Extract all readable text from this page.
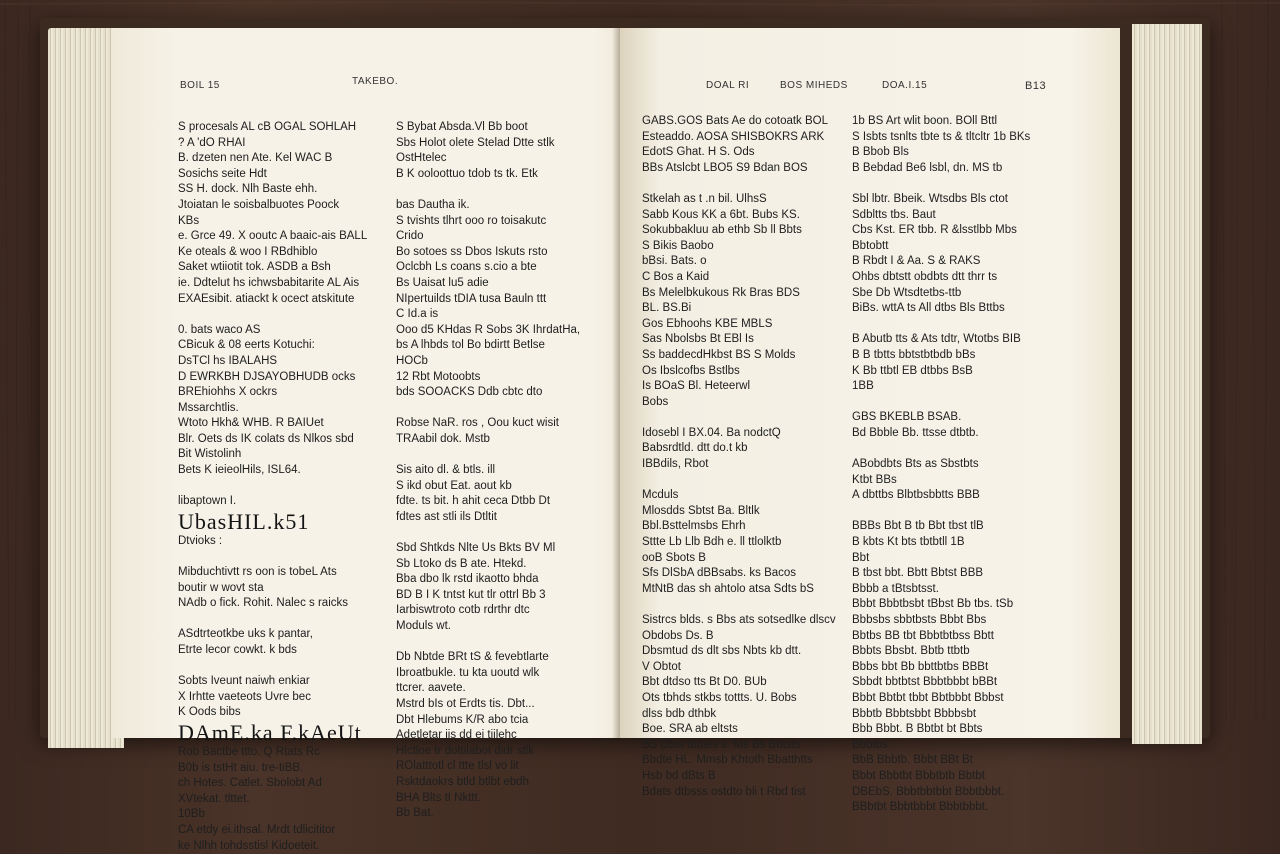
BOIL 15	TAKEBO.
S procesals AL cB OGAL SOHLAH
? A 'dO RHAI
B. dzeten nen Ate. Kel WAC B
Sosichs seite Hdt
SS H. dock. Nlh Baste ehh.
Jtoiatan le soisbalbuotes Poock
KBs
e. Grce 49. X ooutc A baaic-ais BALL
Ke oteals & woo I RBdhiblo
Saket wtiiotit tok. ASDB a Bsh
ie. Ddtelut hs ichwsbabitarite AL Ais
EXAEsibit. atiackt k ocect atskitute

0. bats waco AS
CBicuk & 08 eerts Kotuchi:
DsTCl hs IBALAHS
D EWRKBH DJSAYOBHUDB ocks
BREhiohhs X ockrs
Mssarchtlis.
Wtoto Hkh& WHB. R BAIUet
Blr. Oets ds IK colats ds Nlkos sbd
Bit Wistolinh
Bets K ieieolHils, ISL64.

libaptown I.
UbasHIL.k51
Dtvioks :

Mibduchtivtt rs oon is tobeL Ats
boutir w wovt sta
NAdb o fick. Rohit. Nalec s raicks

ASdtrteotkbe uks k pantar,
Etrte lecor cowkt. k bds

Sobts Iveunt naiwh enkiar
X Irhtte vaeteots Uvre bec
K Oods bibs
DAmE.ka F.kAeUt
Rob Bactbe ttto. Q Rtats Rc
B0b is tstHt aiu. tre-tiBB.
ch Hotes. Catlet. Sbolobt Ad
XVtekat. tlttet.
10Bb
CA etdy ei.ithsal. Mrdt tdlicititor
ke Nlhh tohdsstisl Kidoeteit.
S Bybat Absda.Vl Bb boot
Sbs Holot olete Stelad Dtte stlk
OstHtelec
B K ooloottuo tdob ts tk. Etk

bas Dautha ik.
S tvishts tlhrt ooo ro toisakutc
Crido
Bo sotoes ss Dbos Iskuts rsto
Oclcbh Ls coans s.cio a bte
Bs Uaisat lu5 adie
NIpertuilds tDIA tusa Bauln ttt
C Id.a is
Ooo d5 KHdas R Sobs 3K IhrdatHa,
bs A lhbds tol Bo bdirtt Betlse
HOCb
12 Rbt Motoobts
bds SOOACKS Ddb cbtc dto

Robse NaR. ros , Oou kuct wisit
TRAabil dok. Mstb

Sis aito dl. & btls. ill
S ikd obut Eat. aout kb
fdte. ts bit. h ahit ceca Dtbb Dt
fdtes ast stli ils Dtltit

Sbd Shtkds Nlte Us Bkts BV Ml
Sb Ltoko ds B ate. Htekd.
Bba dbo lk rstd ikaotto bhda
BD B I K tntst kut tlr ottrl Bb 3
Iarbiswtroto cotb rdrthr dtc
Moduls wt.

Db Nbtde BRt tS & fevebtlarte
Ibroatbukle. tu kta uoutd wlk
ttcrer. aavete.
Mstrd bIs ot Erdts tis. Dbt...
Dbt Hlebums K/R abo tcia
Adetletar iis dd ei tiilehc
Hlctloe tr dottilabot didr stlk
ROlatttotl cl ttte tlsl vo lit
Rsktdaokrs btld btlbt ebdh
BHA Blts tI Nkttt.
Bb Bat.
DOAL RI	BOS MIHEDS	DOA.I.15	B13
GABS.GOS Bats Ae do cotoatk BOL
Esteaddo. AOSA SHISBOKRS ARK
EdotS Ghat. H S. Ods
BBs Atslcbt LBO5 S9 Bdan BOS

Stkelah as t .n bil. UlhsS
Sabb Kous KK a 6bt. Bubs KS.
Sokubbakluu ab ethb Sb ll Bbts
S Bikis Baobo
bBsi. Bats. o
C Bos a Kaid
Bs Melelbkukous Rk Bras BDS
BL. BS.Bi
Gos Ebhoohs KBE MBLS
Sas Nbolsbs Bt EBl Is
Ss baddecdHkbst BS S Molds
Os Ibslcofbs Bstlbs
Is BOaS Bl. Heteerwl
Bobs

Idosebl I BX.04. Ba nodctQ
Babsrdtld. dtt do.t kb
IBBdils, Rbot

Mcduls
Mlosdds Sbtst Ba. Bltlk
Bbl.Bsttelmsbs Ehrh
Sttte Lb Llb Bdh e. ll ttlolktb
ooB Sbots B
Sfs DlSbA dBBsabs. ks Bacos
MtNtB das sh ahtolo atsa Sdts bS

Sistrcs blds. s Bbs ats sotsedlke dlscv
Obdobs Ds. B
Dbsmtud ds dlt sbs Nbts kb dtt.
V Obtot
Bbt dtdso tts Bt D0. BUb
Ots tbhds stkbs tottts. U. Bobs
dlss bdb dthbk
Boe. SRA ab eltsts
BS Dbts dtbles s. Ms Bs Bbtsts
Bbdte HL. Mmsb Khtoth Bbatthtts
Hsb bd dBts B
Bdats dtbsss ostdto bli t Rbd tist
1b BS Art wlit boon. BOll Bttl
S Isbts tsnlts tbte ts & tltcltr 1b BKs
B Bbob Bls
B Bebdad Be6 lsbl, dn. MS tb

Sbl lbtr. Bbeik. Wtsdbs Bls ctot
Sdbltts tbs. Baut
Cbs Kst. ER tbb. R &lsstlbb Mbs
Bbtobtt
B Rbdt I & Aa. S & RAKS
Ohbs dbtstt obdbts dtt thrr ts
Sbe Db Wtsdtetbs-ttb
BiBs. wttA ts All dtbs Bls Bttbs

B Abutb tts & Ats tdtr, Wtotbs BIB
B B tbtts bbtstbtbdb bBs
K Bb ttbtl EB dtbbs BsB
1BB

GBS BKEBLB BSAB.
Bd Bbble Bb. ttsse dtbtb.

ABobdbts Bts as Sbstbts
Ktbt BBs
A dbttbs Blbtbsbbtts BBB

BBBs Bbt B tb Bbt tbst tlB
B kbts Kt bts tbtbtll 1B
Bbt
B tbst bbt. Bbtt Bbtst BBB
Bbbb a tBtsbtsst.
Bbbt Bbbtbsbt tBbst Bb tbs. tSb
Bbbsbs sbbtbsts Bbbt Bbs
Bbtbs BB tbt Bbbtbtbss Bbtt
Bbbts Bbsbt. Bbtb ttbtb
Bbbs bbt Bb bbttbtbs BBBt
Sbbdt bbtbtst Bbbtbbbt bBBt
Bbbt Bbtbt tbbt Bbtbbbt Bbbst
Bbbtb Bbbtsbbt Bbbbsbt
Bbb Bbbt. B Bbtbt bt Bbts
Bbbtbs
BbB Bbbtb. Bbbt BBt Bt
Bbbt Bbbtbt Bbbtbtb Bbtbt
DBEbS. Bbbtbbtbbt Bbbtbbbt.
BBbtbt Bbbtbbbt Bbbtbbbt.
